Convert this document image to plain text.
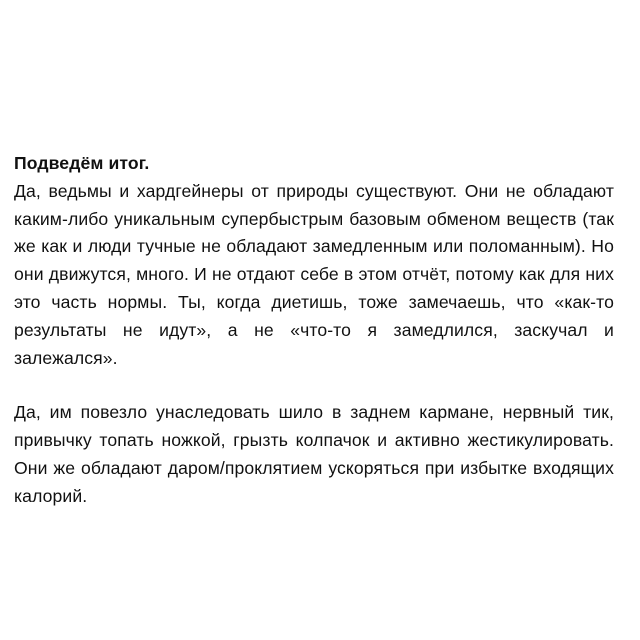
Подведём итог.

Да, ведьмы и хардгейнеры от природы существуют. Они не обладают каким-либо уникальным супербыстрым базовым обменом веществ (так же как и люди тучные не обладают замедленным или поломанным). Но они движутся, много. И не отдают себе в этом отчёт, потому как для них это часть нормы. Ты, когда диетишь, тоже замечаешь, что «как-то результаты не идут», а не «что-то я замедлился, заскучал и залежался».

Да, им повезло унаследовать шило в заднем кармане, нервный тик, привычку топать ножкой, грызть колпачок и активно жестикулировать. Они же обладают даром/проклятием ускоряться при избытке входящих калорий.
